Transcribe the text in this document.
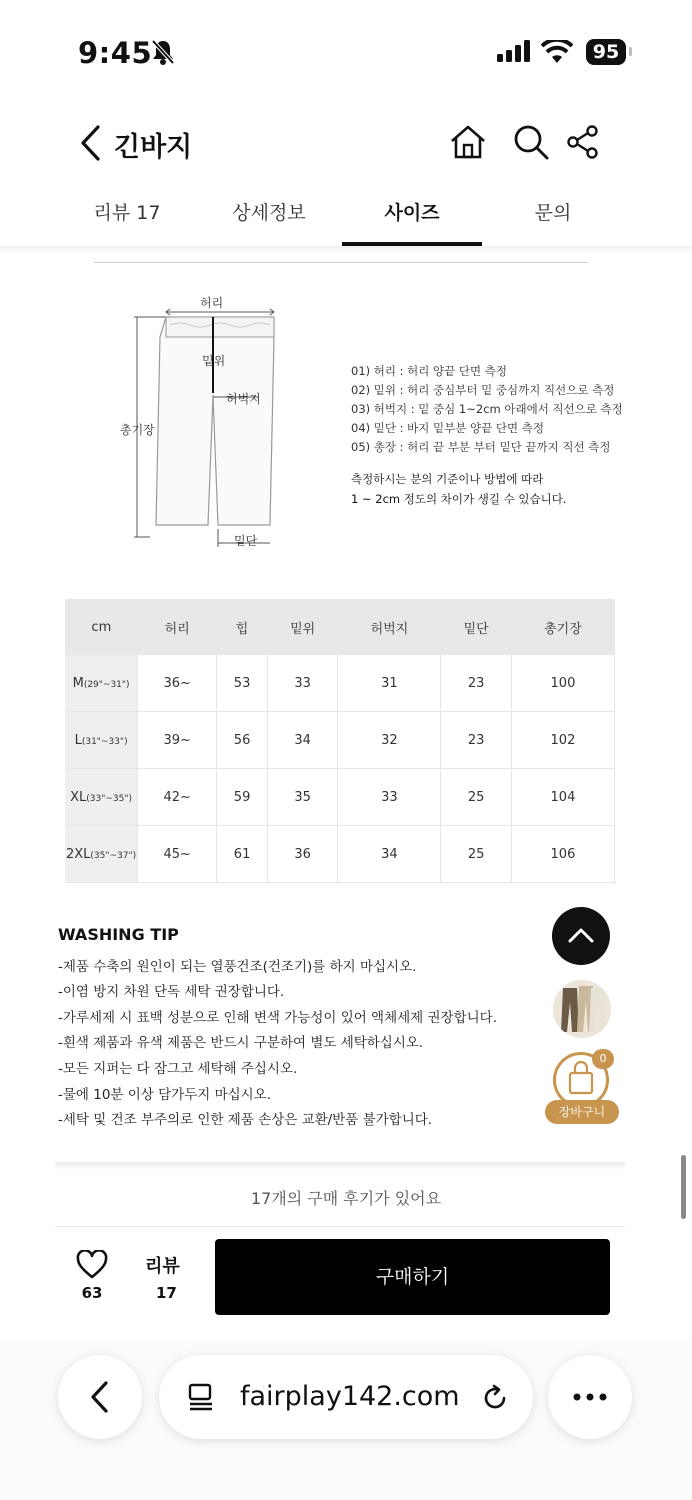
9:45	95
긴바지
리뷰 17	상세정보	사이즈	문의
허리
밑위
허벅지
총기장
밑단
01) 허리 : 허리 양끝 단면 측정
02) 밑위 : 허리 중심부터 밑 중심까지 직선으로 측정
03) 허벅지 : 밑 중심 1~2cm 아래에서 직선으로 측정
04) 밑단 : 바지 밑부분 양끝 단면 측정
05) 총장 : 허리 끝 부분 부터 밑단 끝까지 직선 측정
측정하시는 분의 기준이나 방법에 따라
1 ~ 2cm 정도의 차이가 생길 수 있습니다.
cm	허리	힙	밑위	허벅지	밑단	총기장
M(29"~31")	36~	53	33	31	23	100
L(31"~33")	39~	56	34	32	23	102
XL(33"~35")	42~	59	35	33	25	104
2XL(35"~37")	45~	61	36	34	25	106
WASHING TIP
-제품 수축의 원인이 되는 열풍건조(건조기)를 하지 마십시오.
-이염 방지 차원 단독 세탁 권장합니다.
-가루세제 시 표백 성분으로 인해 변색 가능성이 있어 액체세제 권장합니다.
-흰색 제품과 유색 제품은 반드시 구분하여 별도 세탁하십시오.
-모든 지퍼는 다 잠그고 세탁해 주십시오.
-물에 10분 이상 담가두지 마십시오.
-세탁 및 건조 부주의로 인한 제품 손상은 교환/반품 불가합니다.
0
장바구니
17개의 구매 후기가 있어요
63
리뷰
17
구매하기
fairplay142.com
